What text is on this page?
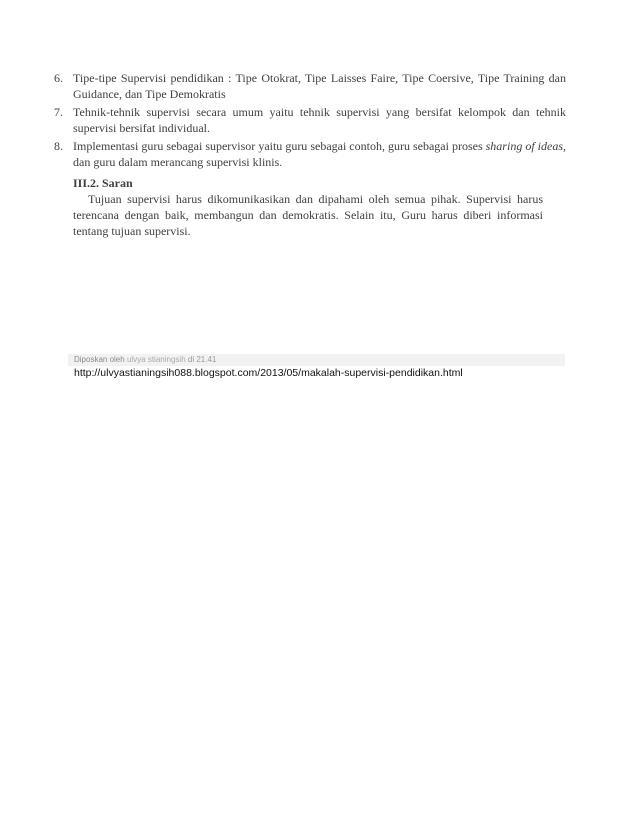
6. Tipe-tipe Supervisi pendidikan : Tipe Otokrat, Tipe Laisses Faire, Tipe Coersive, Tipe Training dan Guidance, dan Tipe Demokratis
7. Tehnik-tehnik supervisi secara umum yaitu tehnik supervisi yang bersifat kelompok dan tehnik supervisi bersifat individual.
8. Implementasi guru sebagai supervisor yaitu guru sebagai contoh, guru sebagai proses sharing of ideas, dan guru dalam merancang supervisi klinis.

III.2. Saran

Tujuan supervisi harus dikomunikasikan dan dipahami oleh semua pihak. Supervisi harus terencana dengan baik, membangun dan demokratis. Selain itu, Guru harus diberi informasi tentang tujuan supervisi.

Diposkan oleh ulvya stianingsih di 21.41
http://ulvyastianingsih088.blogspot.com/2013/05/makalah-supervisi-pendidikan.html
